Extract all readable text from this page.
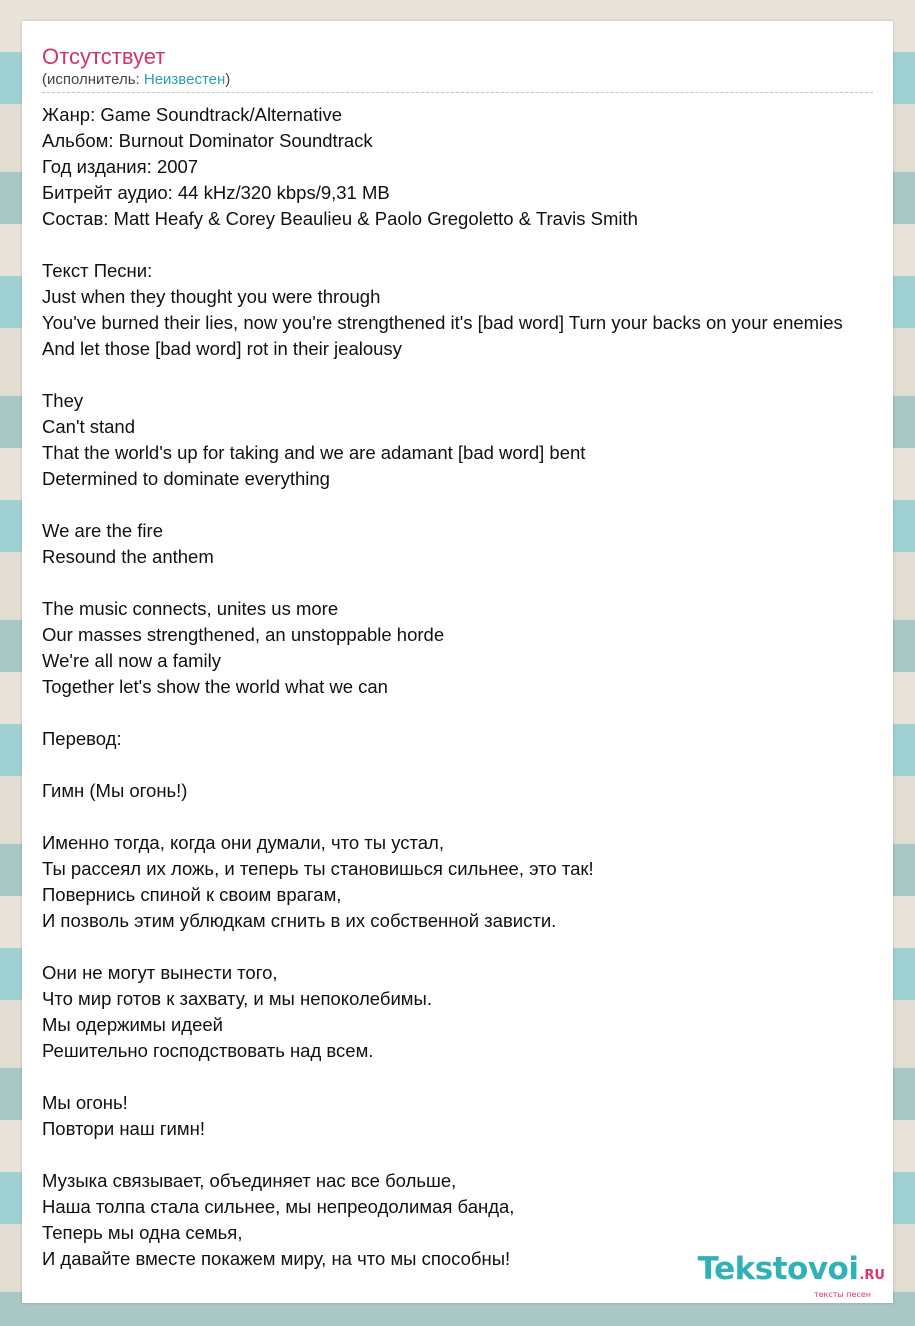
Отсутствует
(исполнитель: Неизвестен)
Жанр: Game Soundtrack/Alternative
Альбом: Burnout Dominator Soundtrack
Год издания: 2007
Битрейт аудио: 44 kHz/320 kbps/9,31 MB
Состав: Matt Heafy & Corey Beaulieu & Paolo Gregoletto & Travis Smith
Текст Песни:
Just when they thought you were through
You've burned their lies, now you're strengthened it's [bad word] Turn your backs on your enemies
And let those [bad word] rot in their jealousy
They
Can't stand
That the world's up for taking and we are adamant [bad word] bent
Determined to dominate everything
We are the fire
Resound the anthem
The music connects, unites us more
Our masses strengthened, an unstoppable horde
We're all now a family
Together let's show the world what we can
Перевод:
Гимн (Мы огонь!)
Именно тогда, когда они думали, что ты устал,
Ты рассеял их ложь, и теперь ты становишься сильнее, это так!
Повернись спиной к своим врагам,
И позволь этим ублюдкам сгнить в их собственной зависти.
Они не могут вынести того,
Что мир готов к захвату, и мы непоколебимы.
Мы одержимы идеей
Решительно господствовать над всем.
Мы огонь!
Повтори наш гимн!
Музыка связывает, объединяет нас все больше,
Наша толпа стала сильнее, мы непреодолимая банда,
Теперь мы одна семья,
И давайте вместе покажем миру, на что мы способны!	Tekstovoi.RU
тексты песен
